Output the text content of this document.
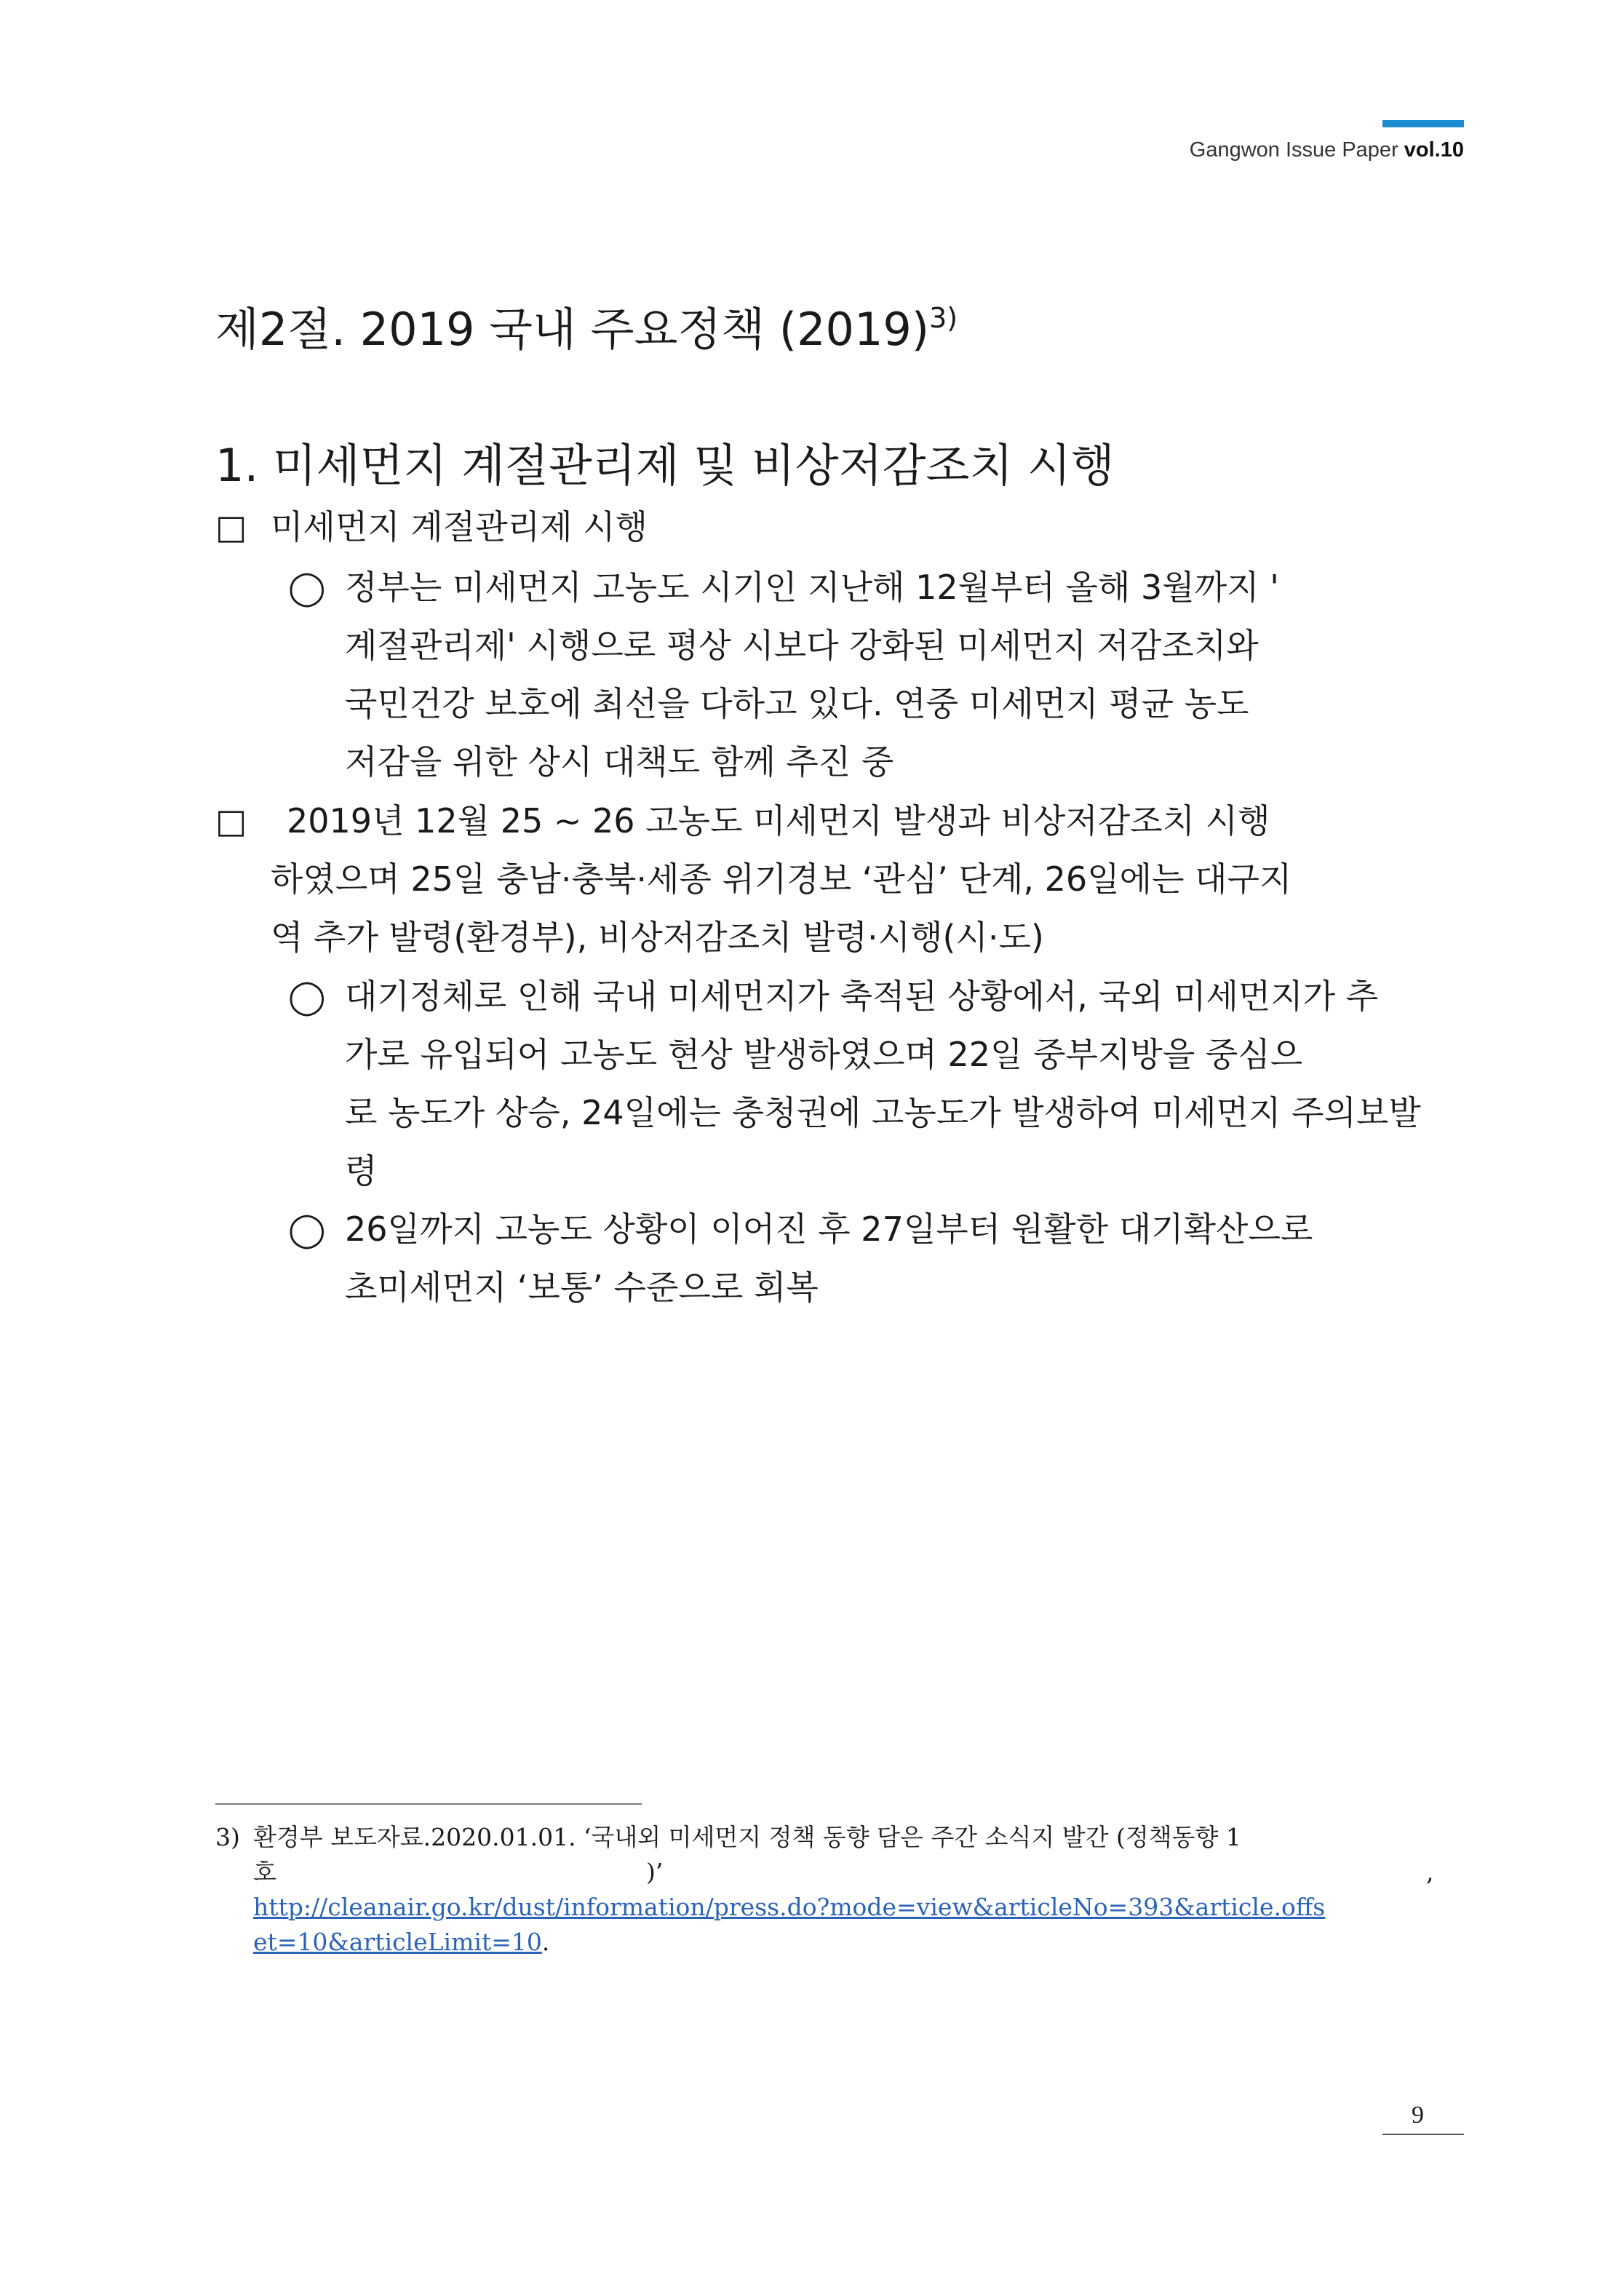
Gangwon Issue Paper vol.10
제2절. 2019 국내 주요정책 $(2019)^{3)}$
1. 미세먼지 계절관리제 및 비상저감조치 시행
□ 미세먼지 계절관리제 시행
◯ 정부는 미세먼지 고농도 시기인 지난해 12월부터 올해 3월까지 '
계절관리제' 시행으로 평상 시보다 강화된 미세먼지 저감조치와
국민건강 보호에 최선을 다하고 있다. 연중 미세먼지 평균 농도
저감을 위한 상시 대책도 함께 추진 중
□ 2019년 12월 25 ~ 26 고농도 미세먼지 발생과 비상저감조치 시행
하였으며 25일 충남·충북·세종 위기경보 ‘관심’ 단계, 26일에는 대구지
역 추가 발령(환경부), 비상저감조치 발령·시행(시·도)
◯ 대기정체로 인해 국내 미세먼지가 축적된 상황에서, 국외 미세먼지가 추
가로 유입되어 고농도 현상 발생하였으며 22일 중부지방을 중심으
로 농도가 상승, 24일에는 충청권에 고농도가 발생하여 미세먼지 주의보발
령
◯ 26일까지 고농도 상황이 이어진 후 27일부터 원활한 대기확산으로
초미세먼지 ‘보통’ 수준으로 회복
3) 환경부 보도자료.2020.01.01. ‘국내외 미세먼지 정책 동향 담은 주간 소식지 발간 (정책동향 1
호	)’	,
http://cleanair.go.kr/dust/information/press.do?mode=view&articleNo=393&article.offs
et=10&articleLimit=10.
9
